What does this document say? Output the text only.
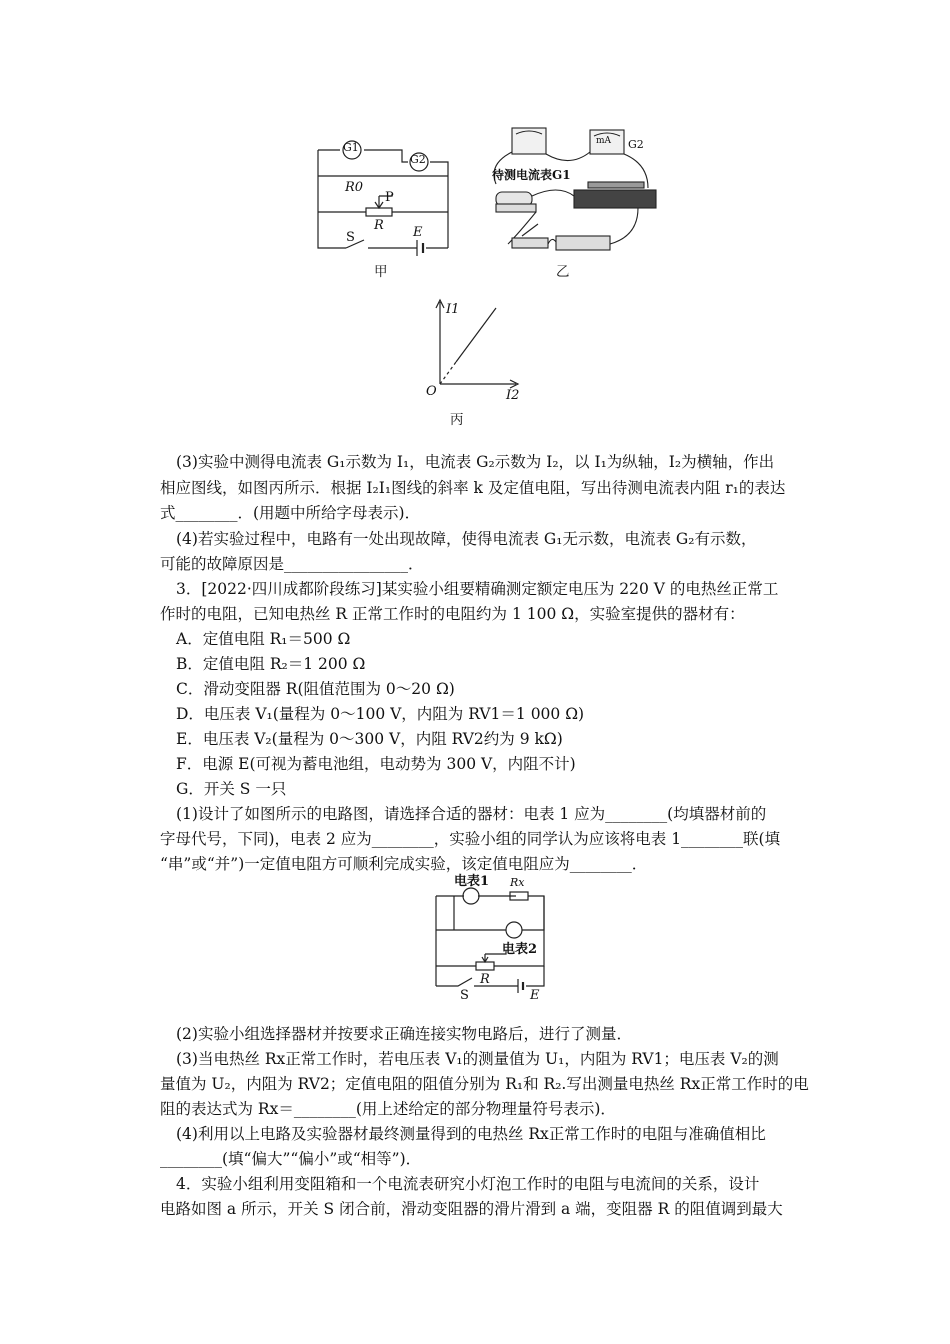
G1
G2
R0
P
R
S	E
甲
mA G2
待测电流表G1
乙
I1
I2
O
丙
(3)实验中测得电流表 G₁示数为 I₁，电流表 G₂示数为 I₂，以 I₁为纵轴，I₂为横轴，作出
相应图线，如图丙所示．根据 I₂I₁图线的斜率 k 及定值电阻，写出待测电流表内阻 r₁的表达
式________．(用题中所给字母表示)．
(4)若实验过程中，电路有一处出现故障，使得电流表 G₁无示数，电流表 G₂有示数，
可能的故障原因是________________．
3．[2022·四川成都阶段练习]某实验小组要精确测定额定电压为 220 V 的电热丝正常工
作时的电阻，已知电热丝 R 正常工作时的电阻约为 1 100 Ω，实验室提供的器材有：
A．定值电阻 R₁＝500 Ω
B．定值电阻 R₂＝1 200 Ω
C．滑动变阻器 R(阻值范围为 0～20 Ω)
D．电压表 V₁(量程为 0～100 V，内阻为 RV1＝1 000 Ω)
E．电压表 V₂(量程为 0～300 V，内阻 RV2约为 9 kΩ)
F．电源 E(可视为蓄电池组，电动势为 300 V，内阻不计)
G．开关 S 一只
(1)设计了如图所示的电路图，请选择合适的器材：电表 1 应为________(均填器材前的
字母代号，下同)，电表 2 应为________，实验小组的同学认为应该将电表 1________联(填
“串”或“并”)一定值电阻方可顺利完成实验，该定值电阻应为________．
电表1 Rx
电表2
R
S	E
(2)实验小组选择器材并按要求正确连接实物电路后，进行了测量．
(3)当电热丝 Rx正常工作时，若电压表 V₁的测量值为 U₁，内阻为 RV1；电压表 V₂的测
量值为 U₂，内阻为 RV2；定值电阻的阻值分别为 R₁和 R₂.写出测量电热丝 Rx正常工作时的电
阻的表达式为 Rx＝________(用上述给定的部分物理量符号表示)．
(4)利用以上电路及实验器材最终测量得到的电热丝 Rx正常工作时的电阻与准确值相比
________(填“偏大”“偏小”或“相等”)．
4．实验小组利用变阻箱和一个电流表研究小灯泡工作时的电阻与电流间的关系，设计
电路如图 a 所示，开关 S 闭合前，滑动变阻器的滑片滑到 a 端，变阻器 R 的阻值调到最大
